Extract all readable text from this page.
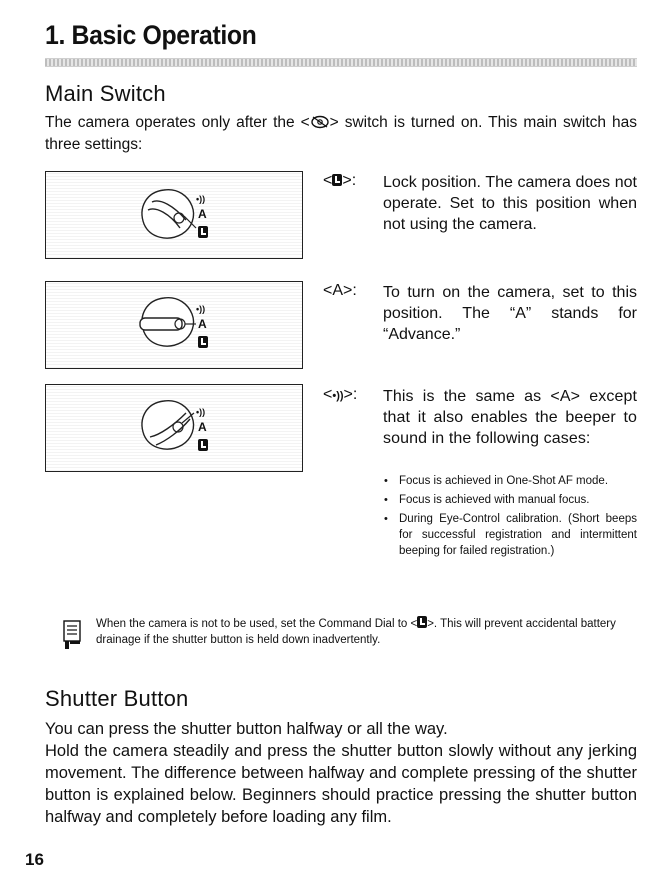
1. Basic Operation
Main Switch
The camera operates only after the < > switch is turned on. This main switch has three settings:
•))
A
•))
A
•))
A
< >: Lock position. The camera does not operate. Set to this position when not using the camera.
<A>: To turn on the camera, set to this position. The “A” stands for “Advance.”
<•))>: This is the same as <A> except that it also enables the beeper to sound in the following cases:
• Focus is achieved in One-Shot AF mode.
• Focus is achieved with manual focus.
• During Eye-Control calibration. (Short beeps for successful registration and intermittent beeping for failed registration.)
When the camera is not to be used, set the Command Dial to < >. This will prevent accidental battery drainage if the shutter button is held down inadvertently.
Shutter Button

You can press the shutter button halfway or all the way.

Hold the camera steadily and press the shutter button slowly without any jerking movement. The difference between halfway and complete pressing of the shutter button is explained below. Beginners should practice pressing the shutter button halfway and completely before loading any film.

16
